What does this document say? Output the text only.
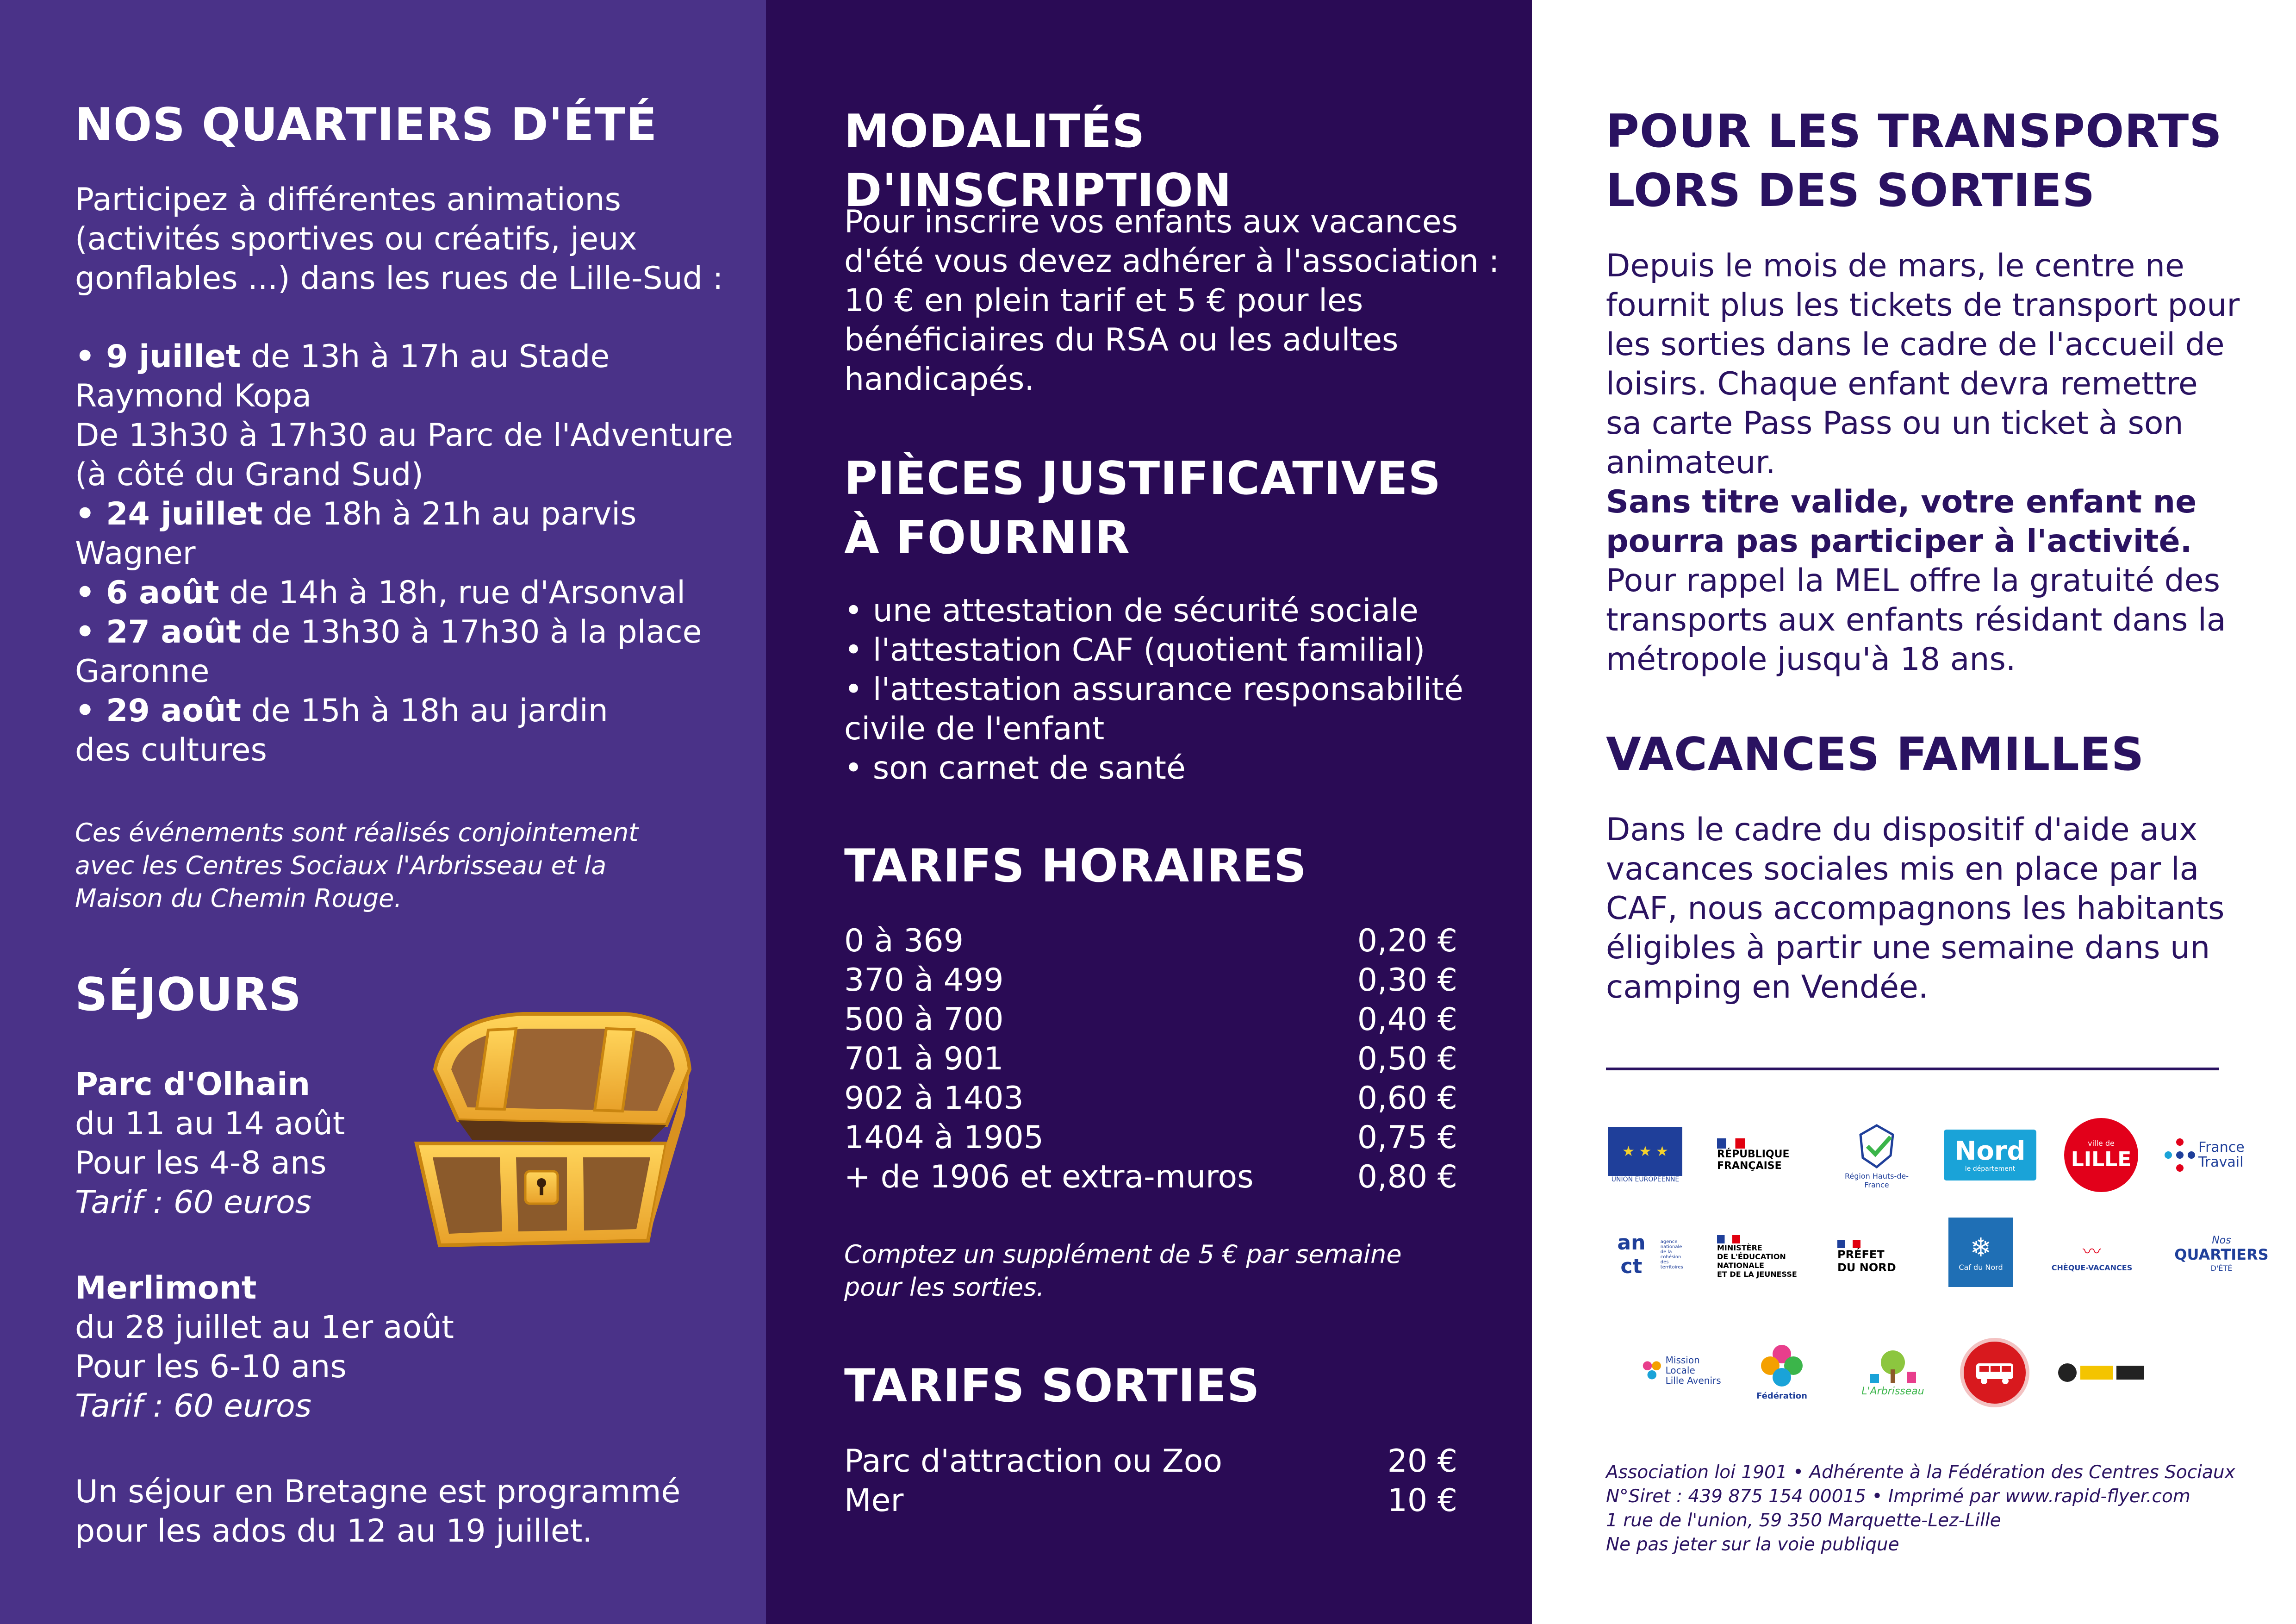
NOS QUARTIERS D'ÉTÉ
Participez à différentes animations
(activités sportives ou créatifs, jeux
gonflables ...) dans les rues de Lille-Sud :
• 9 juillet de 13h à 17h au Stade
Raymond Kopa
De 13h30 à 17h30 au Parc de l'Adventure
(à côté du Grand Sud)
• 24 juillet de 18h à 21h au parvis
Wagner
• 6 août de 14h à 18h, rue d'Arsonval
• 27 août de 13h30 à 17h30 à la place
Garonne
• 29 août de 15h à 18h au jardin
des cultures
Ces événements sont réalisés conjointement
avec les Centres Sociaux l'Arbrisseau et la
Maison du Chemin Rouge.
SÉJOURS
Parc d'Olhain
du 11 au 14 août
Pour les 4-8 ans
Tarif : 60 euros
Merlimont
du 28 juillet au 1er août
Pour les 6-10 ans
Tarif : 60 euros
Un séjour en Bretagne est programmé
pour les ados du 12 au 19 juillet.
MODALITÉS D'INSCRIPTION
Pour inscrire vos enfants aux vacances
d'été vous devez adhérer à l'association :
10 € en plein tarif et 5 € pour les
bénéficiaires du RSA ou les adultes
handicapés.
PIÈCES JUSTIFICATIVES
À FOURNIR
• une attestation de sécurité sociale
• l'attestation CAF (quotient familial)
• l'attestation assurance responsabilité
civile de l'enfant
• son carnet de santé
TARIFS HORAIRES
0 à 369	0,20 €
370 à 499	0,30 €
500 à 700	0,40 €
701 à 901	0,50 €
902 à 1403	0,60 €
1404 à 1905	0,75 €
+ de 1906 et extra-muros	0,80 €
Comptez un supplément de 5 € par semaine
pour les sorties.
TARIFS SORTIES
Parc d'attraction ou Zoo	20 €
Mer	10 €
POUR LES TRANSPORTS
LORS DES SORTIES
Depuis le mois de mars, le centre ne
fournit plus les tickets de transport pour
les sorties dans le cadre de l'accueil de
loisirs. Chaque enfant devra remettre
sa carte Pass Pass ou un ticket à son
animateur.
Sans titre valide, votre enfant ne
pourra pas participer à l'activité.
Pour rappel la MEL offre la gratuité des
transports aux enfants résidant dans la
métropole jusqu'à 18 ans.
VACANCES FAMILLES
Dans le cadre du dispositif d'aide aux
vacances sociales mis en place par la
CAF, nous accompagnons les habitants
éligibles à partir une semaine dans un
camping en Vendée.
★ ★ ★
UNION EUROPÉENNE
RÉPUBLIQUE
FRANÇAISE
Région Hauts-de-France
Nord
le département
ville de
LILLE
France
Travail
an ct
agence nationale de la cohésion des territoires
MINISTÈRE
DE L'ÉDUCATION
NATIONALE
ET DE LA JEUNESSE
PRÉFET
DU NORD
❄
Caf du Nord
〰
CHÈQUE-VACANCES
Nos
QUARTIERS
D'ÉTÉ
Mission Locale
Lille Avenirs
Fédération	L'Arbrisseau
Association loi 1901 • Adhérente à la Fédération des Centres Sociaux
N°Siret : 439 875 154 00015 • Imprimé par www.rapid-flyer.com
1 rue de l'union, 59 350 Marquette-Lez-Lille
Ne pas jeter sur la voie publique
